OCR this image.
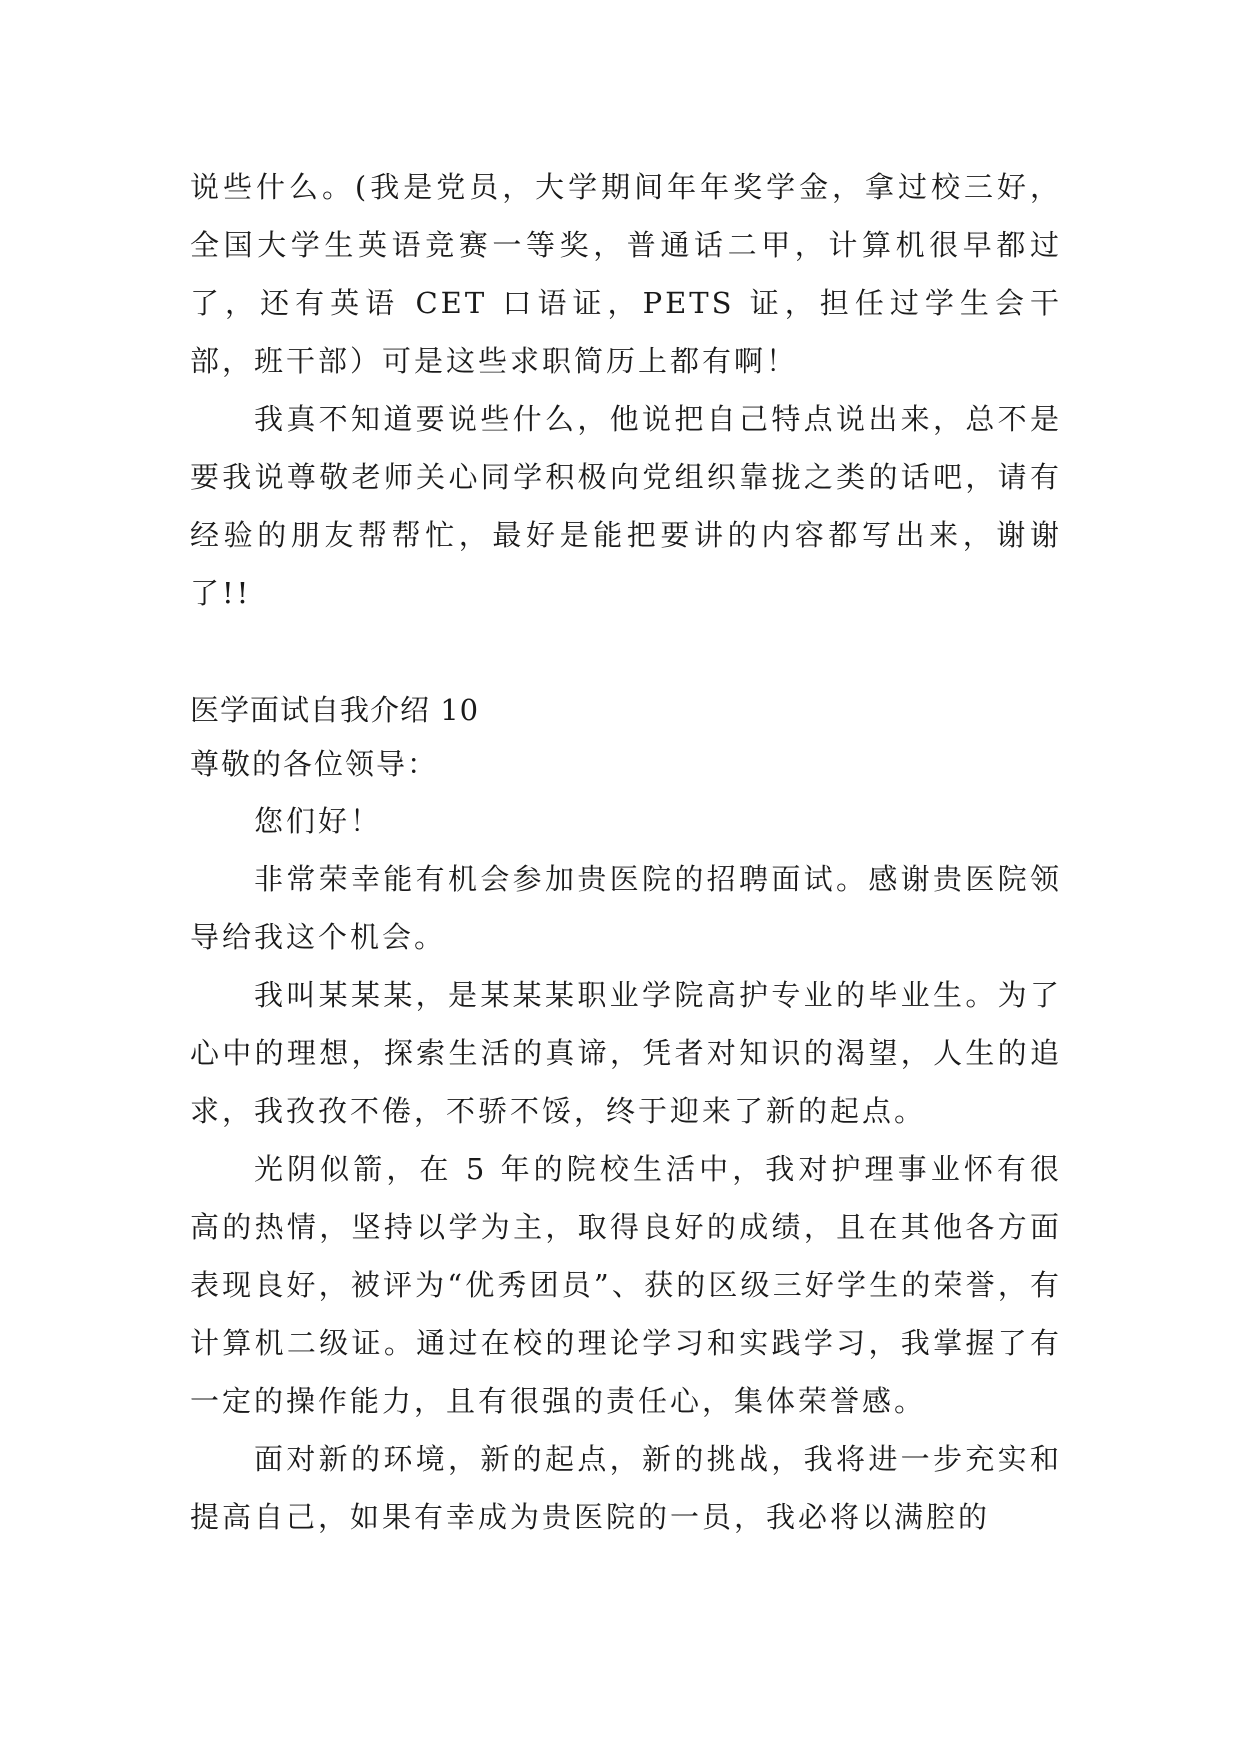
说些什么。(我是党员，大学期间年年奖学金，拿过校三好，全国大学生英语竞赛一等奖，普通话二甲，计算机很早都过了，还有英语 CET 口语证，PETS 证，担任过学生会干部，班干部）可是这些求职简历上都有啊！

我真不知道要说些什么，他说把自己特点说出来，总不是要我说尊敬老师关心同学积极向党组织靠拢之类的话吧，请有经验的朋友帮帮忙，最好是能把要讲的内容都写出来，谢谢了!!

医学面试自我介绍 10

尊敬的各位领导：

您们好！

非常荣幸能有机会参加贵医院的招聘面试。感谢贵医院领导给我这个机会。

我叫某某某，是某某某职业学院高护专业的毕业生。为了心中的理想，探索生活的真谛，凭者对知识的渴望，人生的追求，我孜孜不倦，不骄不馁，终于迎来了新的起点。

光阴似箭，在 5 年的院校生活中，我对护理事业怀有很高的热情，坚持以学为主，取得良好的成绩，且在其他各方面表现良好，被评为“优秀团员”、获的区级三好学生的荣誉，有计算机二级证。通过在校的理论学习和实践学习，我掌握了有一定的操作能力，且有很强的责任心，集体荣誉感。

面对新的环境，新的起点，新的挑战，我将进一步充实和提高自己，如果有幸成为贵医院的一员，我必将以满腔的
